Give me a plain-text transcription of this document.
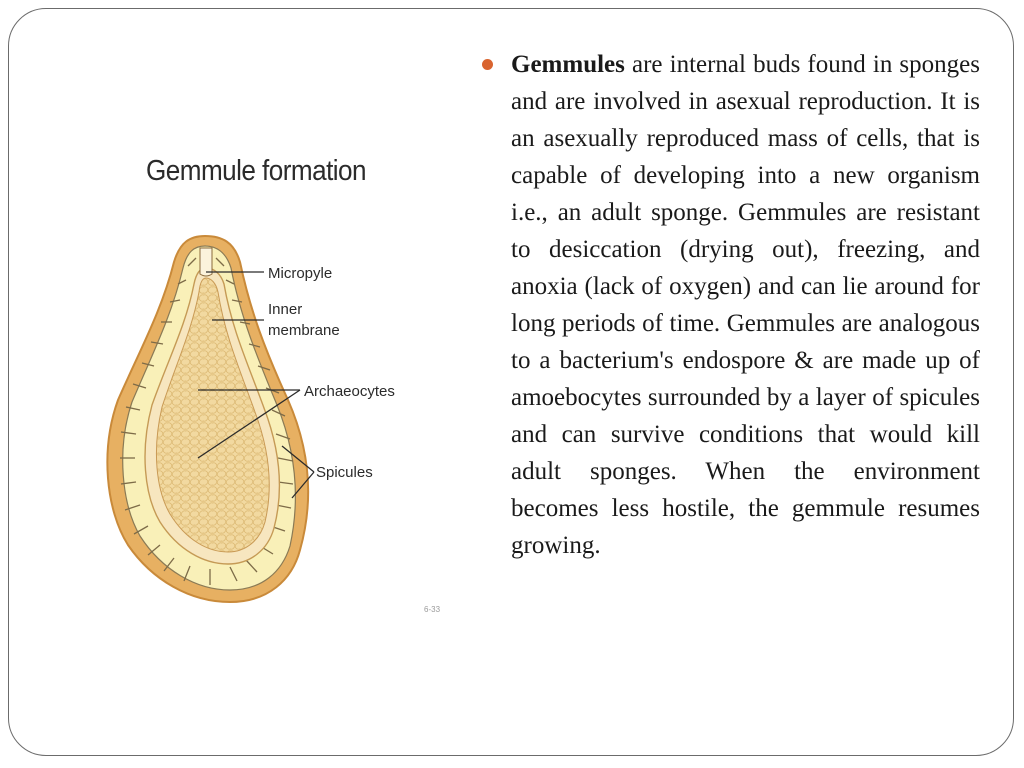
Gemmule formation
Micropyle
Inner
membrane
Archaeocytes
Spicules
6-33

Gemmules are internal buds found in sponges and are involved in asexual reproduction. It is an asexually reproduced mass of cells, that is capable of developing into a new organism i.e., an adult sponge. Gemmules are resistant to desiccation (drying out), freezing, and anoxia (lack of oxygen) and can lie around for long periods of time. Gemmules are analogous to a bacterium's endospore & are made up of amoebocytes surrounded by a layer of spicules and can survive conditions that would kill adult sponges. When the environment becomes less hostile, the gemmule resumes growing.
